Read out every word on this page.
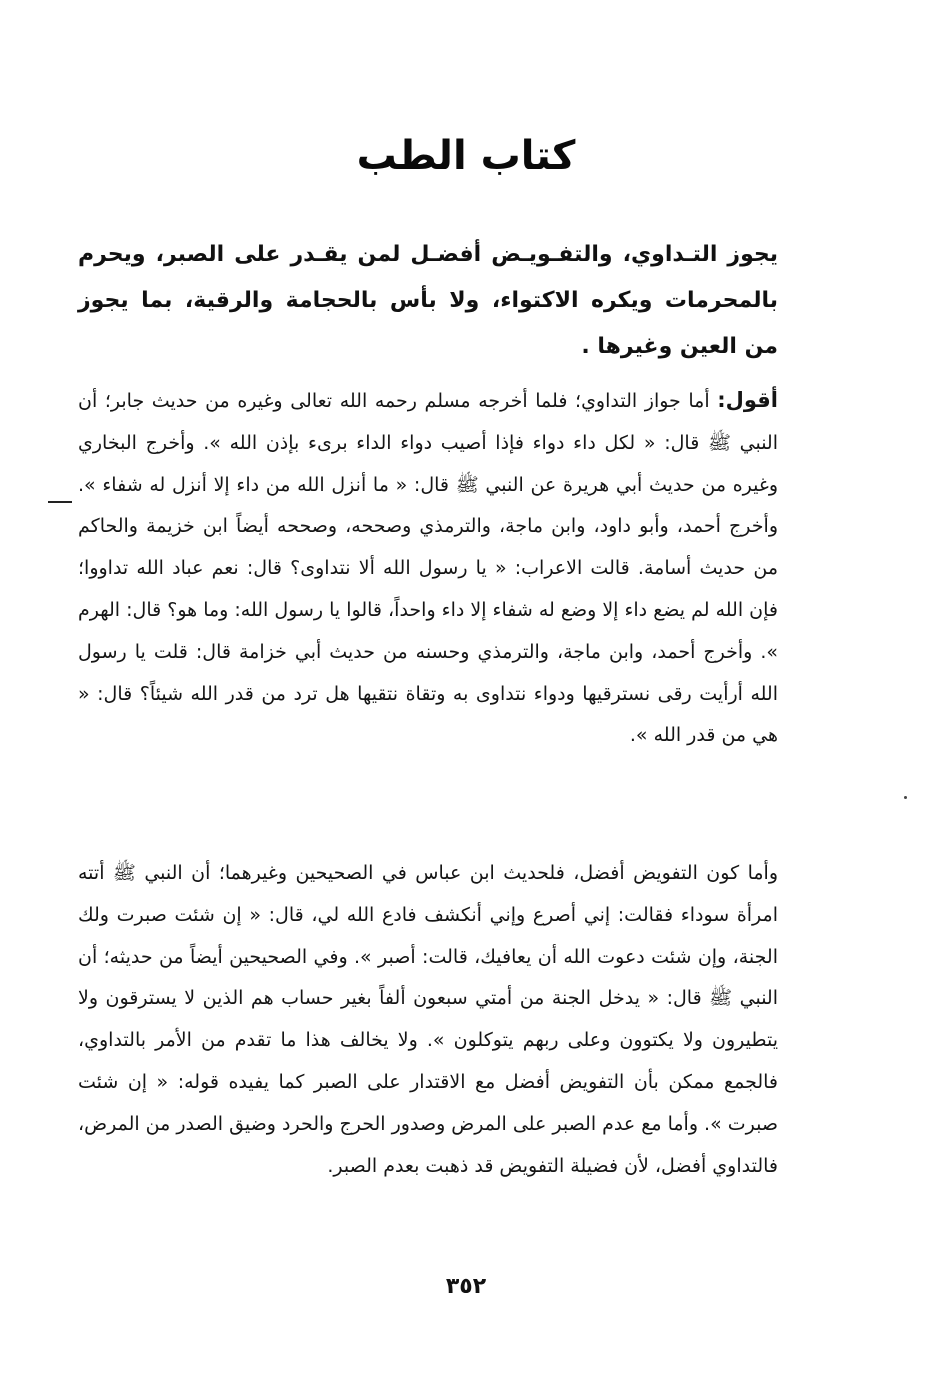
كتاب الطب

يجوز التـداوي، والتفـويـض أفضـل لمن يقـدر على الصبر، ويحرم بالمحرمات ويكره الاكتواء، ولا بأس بالحجامة والرقية، بما يجوز من العين وغيرها .

أقول: أما جواز التداوي؛ فلما أخرجه مسلم رحمه الله تعالى وغيره من حديث جابر؛ أن النبي ﷺ قال: « لكل داء دواء فإذا أصيب دواء الداء برىء بإذن الله ». وأخرج البخاري وغيره من حديث أبي هريرة عن النبي ﷺ قال: « ما أنزل الله من داء إلا أنزل له شفاء ». وأخرج أحمد، وأبو داود، وابن ماجة، والترمذي وصححه، وصححه أيضاً ابن خزيمة والحاكم من حديث أسامة. قالت الاعراب: « يا رسول الله ألا نتداوى؟ قال: نعم عباد الله تداووا؛ فإن الله لم يضع داء إلا وضع له شفاء إلا داء واحداً، قالوا يا رسول الله: وما هو؟ قال: الهرم ». وأخرج أحمد، وابن ماجة، والترمذي وحسنه من حديث أبي خزامة قال: قلت يا رسول الله أرأيت رقى نسترقيها ودواء نتداوى به وتقاة نتقيها هل ترد من قدر الله شيئاً؟ قال: « هي من قدر الله ».

وأما كون التفويض أفضل، فلحديث ابن عباس في الصحيحين وغيرهما؛ أن النبي ﷺ أتته امرأة سوداء فقالت: إني أصرع وإني أنكشف فادع الله لي، قال: « إن شئت صبرت ولك الجنة، وإن شئت دعوت الله أن يعافيك، قالت: أصبر ». وفي الصحيحين أيضاً من حديثه؛ أن النبي ﷺ قال: « يدخل الجنة من أمتي سبعون ألفاً بغير حساب هم الذين لا يسترقون ولا يتطيرون ولا يكتوون وعلى ربهم يتوكلون ». ولا يخالف هذا ما تقدم من الأمر بالتداوي، فالجمع ممكن بأن التفويض أفضل مع الاقتدار على الصبر كما يفيده قوله: « إن شئت صبرت ». وأما مع عدم الصبر على المرض وصدور الحرج والحرد وضيق الصدر من المرض، فالتداوي أفضل، لأن فضيلة التفويض قد ذهبت بعدم الصبر.

٣٥٢
